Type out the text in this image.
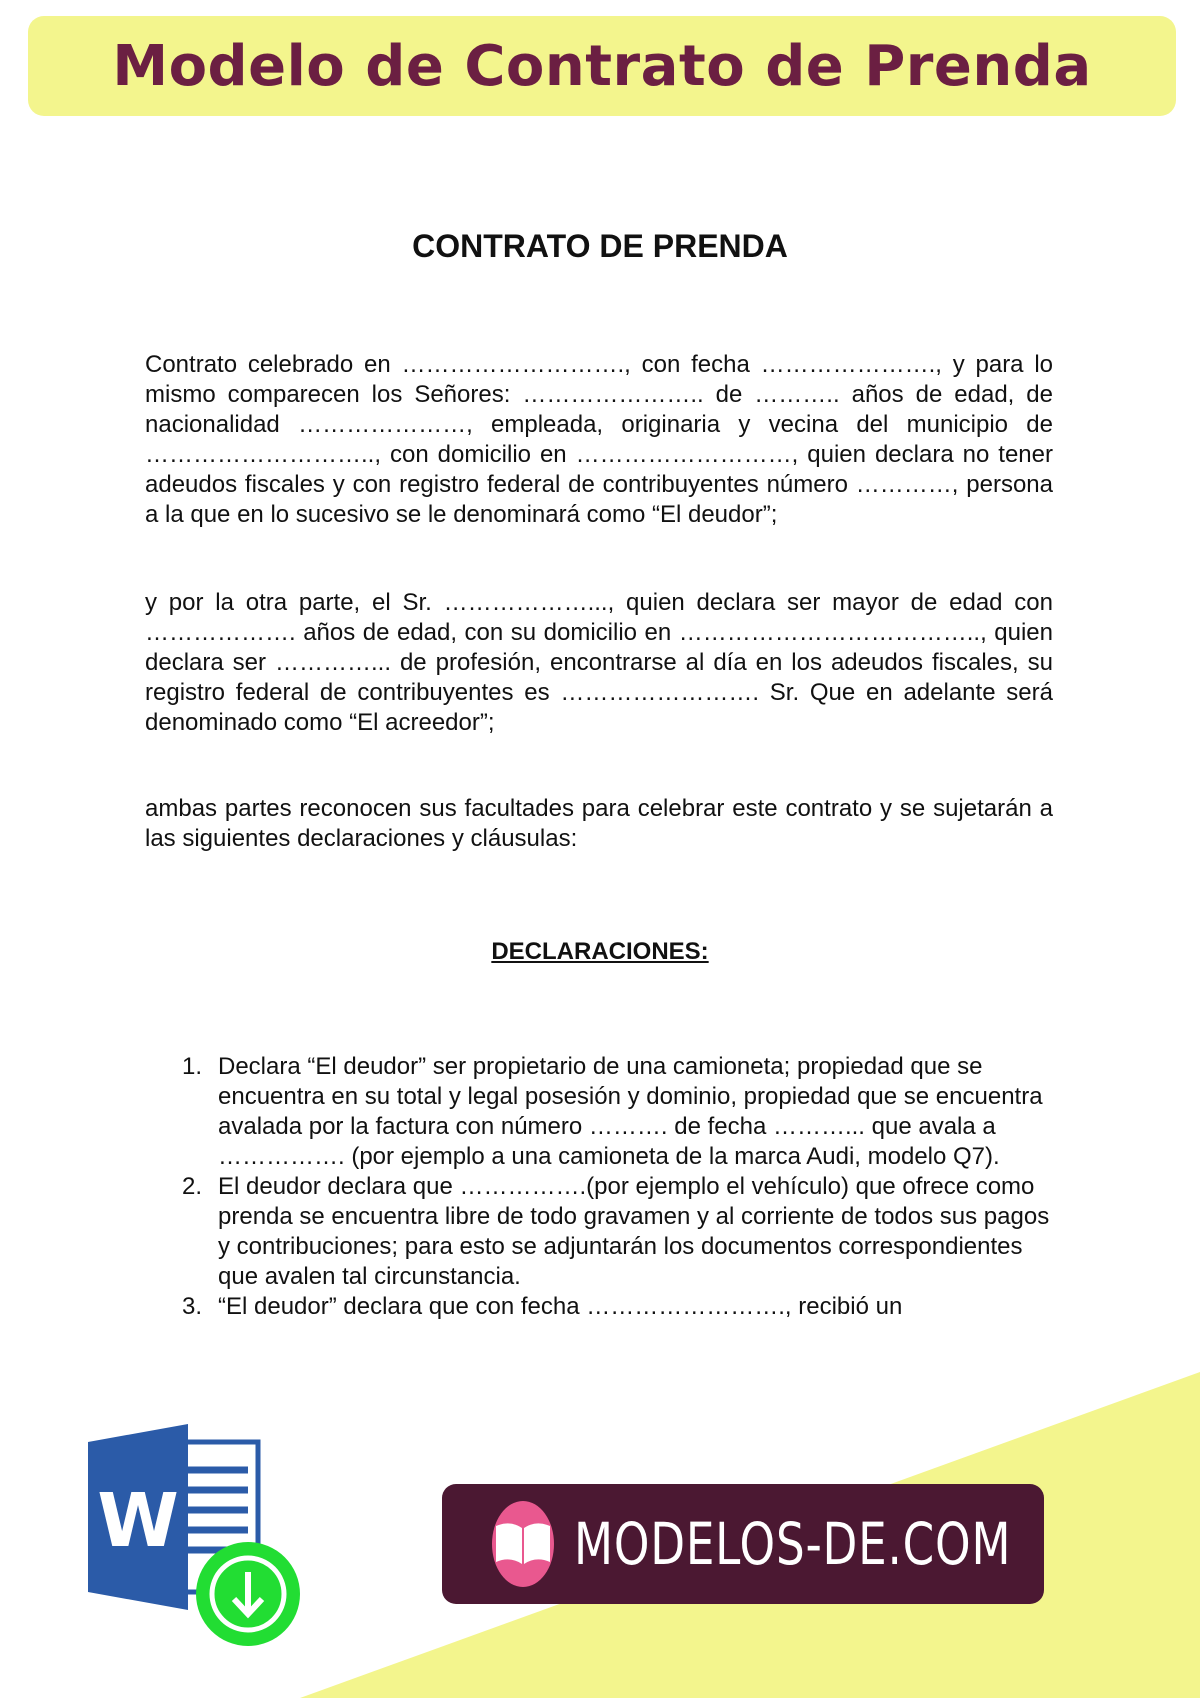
Modelo de Contrato de Prenda
CONTRATO DE PRENDA

Contrato celebrado en ………………………., con fecha …………………., y para lo mismo comparecen los Señores: ………………….. de ……….. años de edad, de nacionalidad …………………, empleada, originaria y vecina del municipio de ……………………….., con domicilio en ………………………, quien declara no tener adeudos fiscales y con registro federal de contribuyentes número …………, persona a la que en lo sucesivo se le denominará como “El deudor”;

y por la otra parte, el Sr. ………………..., quien declara ser mayor de edad con ………………. años de edad, con su domicilio en ……………………………….., quien declara ser …………... de profesión, encontrarse al día en los adeudos fiscales, su registro federal de contribuyentes es ……………………. Sr. Que en adelante será denominado como “El acreedor”;

ambas partes reconocen sus facultades para celebrar este contrato y se sujetarán a las siguientes declaraciones y cláusulas:

DECLARACIONES:
1. Declara “El deudor” ser propietario de una camioneta; propiedad que se encuentra en su total y legal posesión y dominio, propiedad que se encuentra avalada por la factura con número ………. de fecha ………... que avala a ……………. (por ejemplo a una camioneta de la marca Audi, modelo Q7).
2. El deudor declara que …………….(por ejemplo el vehículo) que ofrece como prenda se encuentra libre de todo gravamen y al corriente de todos sus pagos y contribuciones; para esto se adjuntarán los documentos correspondientes que avalen tal circunstancia.
3. “El deudor” declara que con fecha ……………………., recibió un
W	MODELOS-DE.COM
